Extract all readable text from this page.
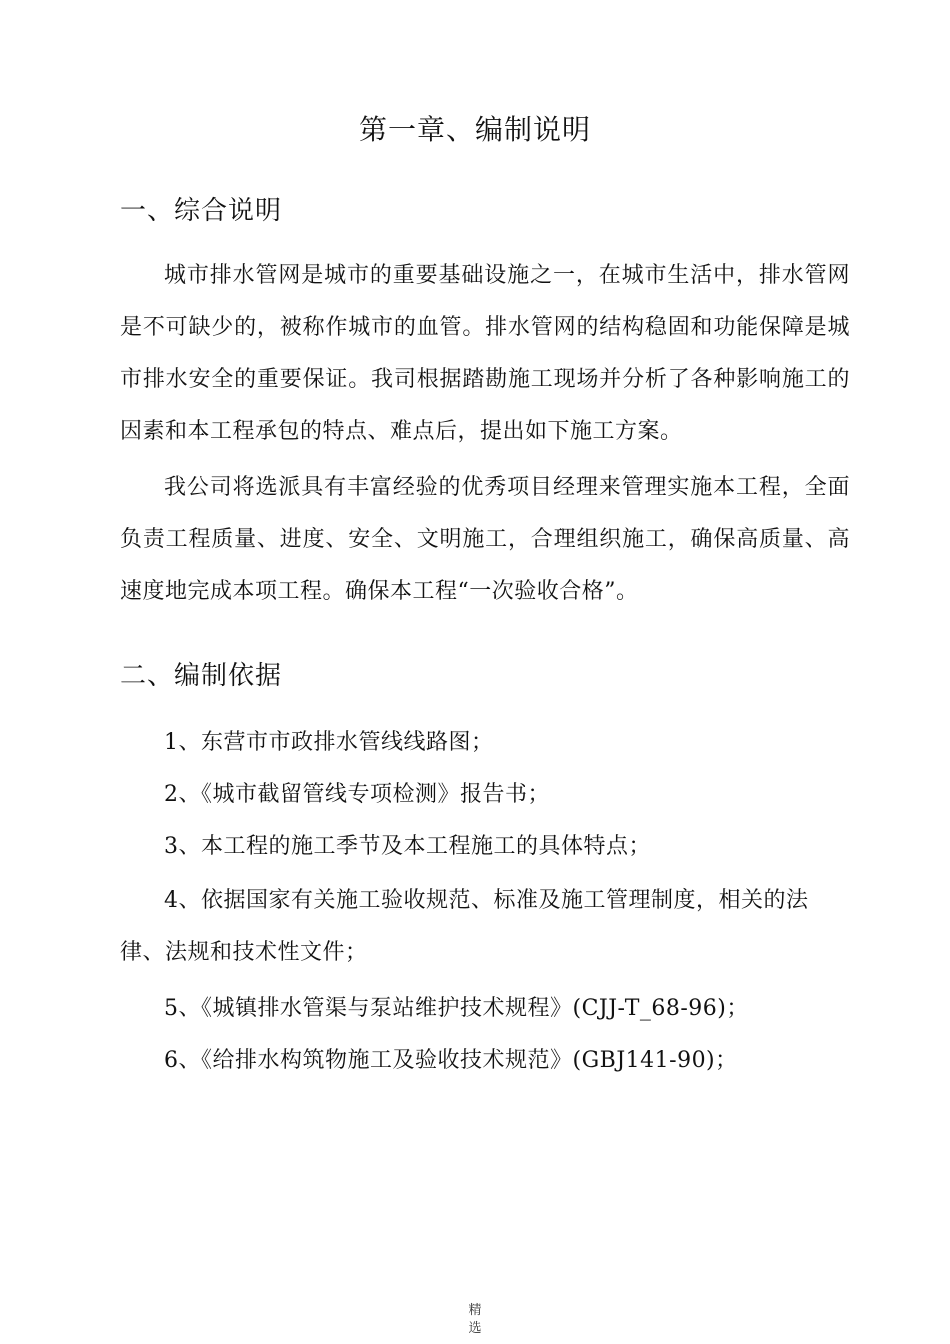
第一章、编制说明
一、综合说明
城市排水管网是城市的重要基础设施之一，在城市生活中，排水管网是不可缺少的，被称作城市的血管。排水管网的结构稳固和功能保障是城市排水安全的重要保证。我司根据踏勘施工现场并分析了各种影响施工的因素和本工程承包的特点、难点后，提出如下施工方案。
我公司将选派具有丰富经验的优秀项目经理来管理实施本工程，全面负责工程质量、进度、安全、文明施工，合理组织施工，确保高质量、高速度地完成本项工程。确保本工程“一次验收合格”。
二、编制依据
1、东营市市政排水管线线路图；
2、《城市截留管线专项检测》报告书；
3、本工程的施工季节及本工程施工的具体特点；
4、依据国家有关施工验收规范、标准及施工管理制度，相关的法律、法规和技术性文件；
5、《城镇排水管渠与泵站维护技术规程》(CJJ-T_68-96)；
6、《给排水构筑物施工及验收技术规范》(GBJ141-90)；
精
选
